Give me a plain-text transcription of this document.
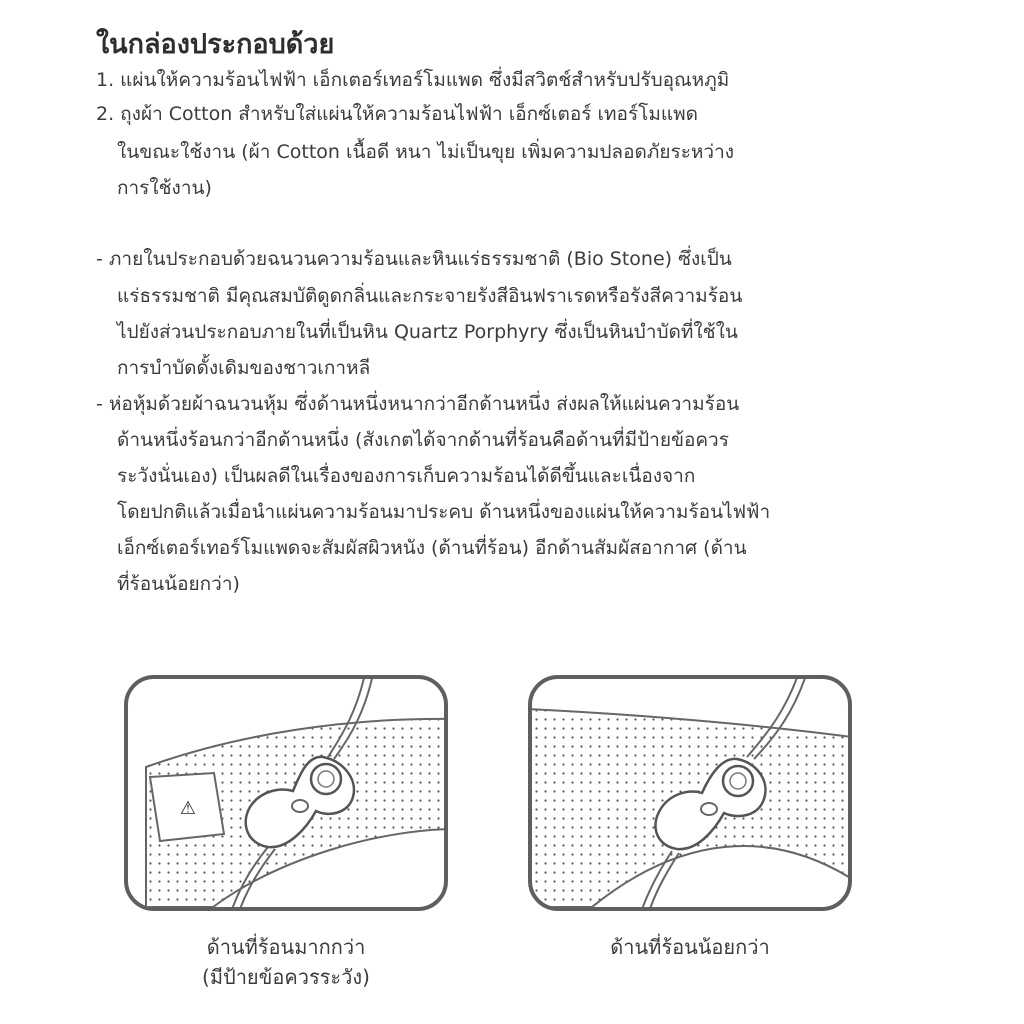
ในกล่องประกอบด้วย
1. แผ่นให้ความร้อนไฟฟ้า เอ็กเตอร์เทอร์โมแพด ซึ่งมีสวิตช์สำหรับปรับอุณหภูมิ
2. ถุงผ้า Cotton สำหรับใส่แผ่นให้ความร้อนไฟฟ้า เอ็กซ์เตอร์ เทอร์โมแพด
ในขณะใช้งาน (ผ้า Cotton เนื้อดี หนา ไม่เป็นขุย เพิ่มความปลอดภัยระหว่าง
การใช้งาน)
- ภายในประกอบด้วยฉนวนความร้อนและหินแร่ธรรมชาติ (Bio Stone) ซึ่งเป็น
แร่ธรรมชาติ มีคุณสมบัติดูดกลิ่นและกระจายรังสีอินฟราเรดหรือรังสีความร้อน
ไปยังส่วนประกอบภายในที่เป็นหิน Quartz Porphyry ซึ่งเป็นหินบำบัดที่ใช้ใน
การบำบัดดั้งเดิมของชาวเกาหลี
- ห่อหุ้มด้วยผ้าฉนวนหุ้ม ซึ่งด้านหนึ่งหนากว่าอีกด้านหนึ่ง ส่งผลให้แผ่นความร้อน
ด้านหนึ่งร้อนกว่าอีกด้านหนึ่ง (สังเกตได้จากด้านที่ร้อนคือด้านที่มีป้ายข้อควร
ระวังนั่นเอง) เป็นผลดีในเรื่องของการเก็บความร้อนได้ดีขึ้นและเนื่องจาก
โดยปกติแล้วเมื่อนำแผ่นความร้อนมาประคบ ด้านหนึ่งของแผ่นให้ความร้อนไฟฟ้า
เอ็กซ์เตอร์เทอร์โมแพดจะสัมผัสผิวหนัง (ด้านที่ร้อน) อีกด้านสัมผัสอากาศ (ด้าน
ที่ร้อนน้อยกว่า)
⚠
ด้านที่ร้อนมากกว่า
(มีป้ายข้อควรระวัง)
ด้านที่ร้อนน้อยกว่า
